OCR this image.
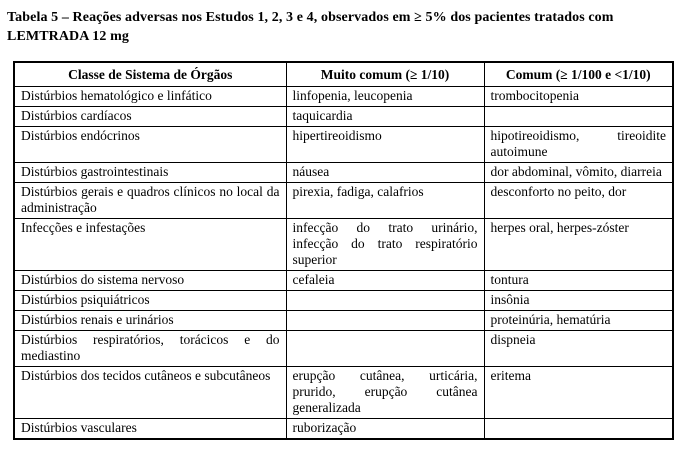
Tabela 5 – Reações adversas nos Estudos 1, 2, 3 e 4, observados em ≥ 5% dos pacientes tratados com LEMTRADA 12 mg
Classe de Sistema de Órgãos	Muito comum (≥ 1/10)	Comum (≥ 1/100 e <1/10)
Distúrbios hematológico e linfático	linfopenia, leucopenia	trombocitopenia
Distúrbios cardíacos	taquicardia	
Distúrbios endócrinos	hipertireoidismo	hipotireoidismo, tireoidite autoimune
Distúrbios gastrointestinais	náusea	dor abdominal, vômito, diarreia
Distúrbios gerais e quadros clínicos no local da administração	pirexia, fadiga, calafrios	desconforto no peito, dor
Infecções e infestações	infecção do trato urinário, infecção do trato respiratório superior	herpes oral, herpes-zóster
Distúrbios do sistema nervoso	cefaleia	tontura
Distúrbios psiquiátricos		insônia
Distúrbios renais e urinários		proteinúria, hematúria
Distúrbios respiratórios, torácicos e do mediastino		dispneia
Distúrbios dos tecidos cutâneos e subcutâneos	erupção cutânea, urticária, prurido, erupção cutânea generalizada	eritema
Distúrbios vasculares	ruborização	
